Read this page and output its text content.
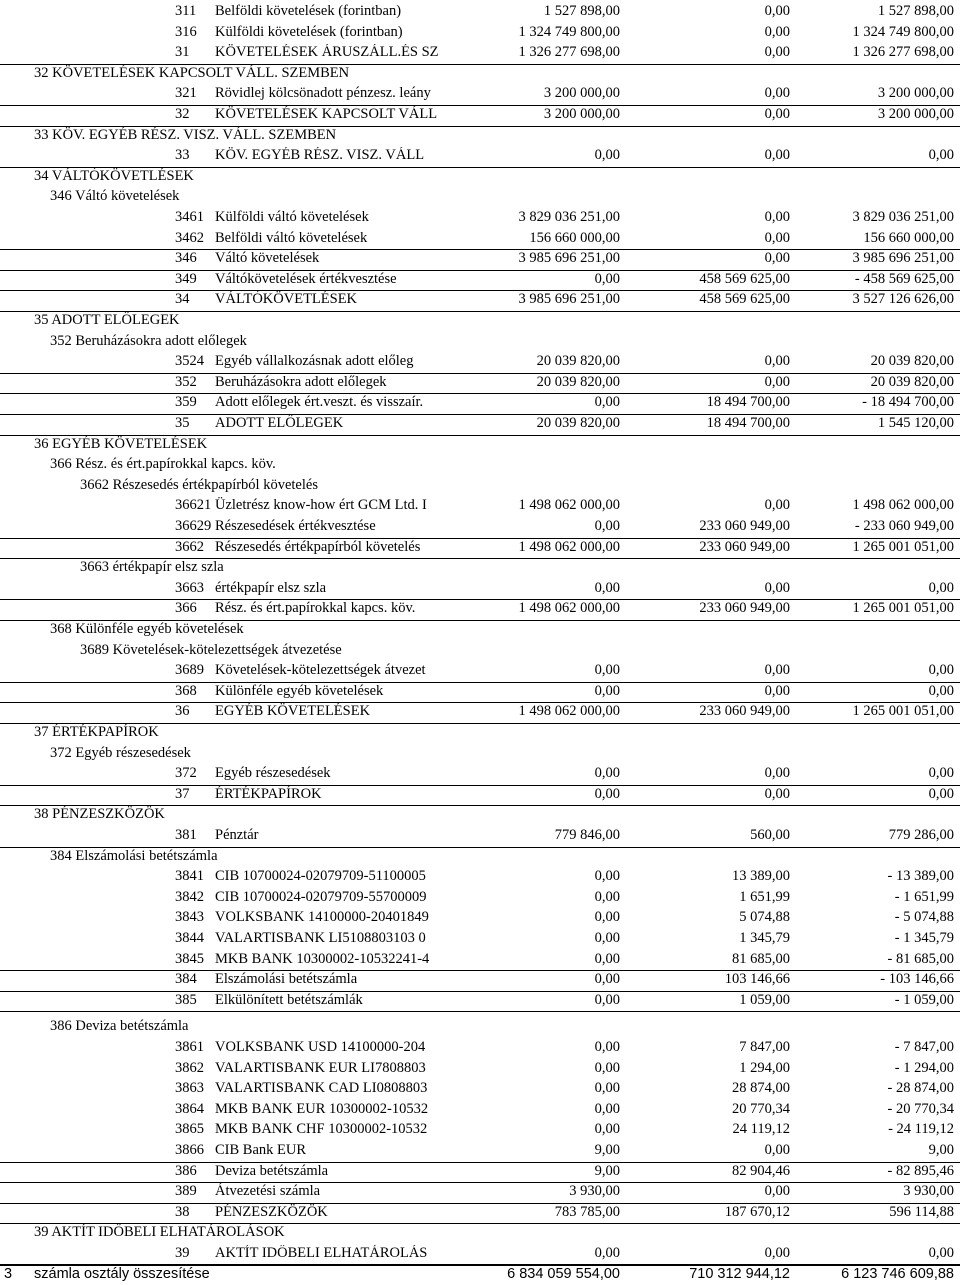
311	Belföldi követelések (forintban)	1 527 898,00	0,00	1 527 898,00
316	Külföldi követelések (forintban)	1 324 749 800,00	0,00	1 324 749 800,00
31	KÖVETELÉSEK ÁRUSZÁLL.ÉS SZ	1 326 277 698,00	0,00	1 326 277 698,00
32 KÖVETELÉSEK KAPCSOLT VÁLL. SZEMBEN
321	Rövidlej kölcsönadott pénzesz. leány	3 200 000,00	0,00	3 200 000,00
32	KÖVETELÉSEK KAPCSOLT VÁLL	3 200 000,00	0,00	3 200 000,00
33 KÖV. EGYÉB RÉSZ. VISZ. VÁLL. SZEMBEN
33	KÖV. EGYÉB RÉSZ. VISZ. VÁLL	0,00	0,00	0,00
34 VÁLTÓKÖVETLÉSEK
346 Váltó követelések
3461 Külföldi váltó követelések	3 829 036 251,00	0,00	3 829 036 251,00
3462 Belföldi váltó követelések	156 660 000,00	0,00	156 660 000,00
346	Váltó követelések	3 985 696 251,00	0,00	3 985 696 251,00
349	Váltókövetelések értékvesztése	0,00	458 569 625,00	- 458 569 625,00
34	VÁLTÓKÖVETLÉSEK	3 985 696 251,00	458 569 625,00	3 527 126 626,00
35 ADOTT ELŐLEGEK
352 Beruházásokra adott előlegek
3524 Egyéb vállalkozásnak adott előleg	20 039 820,00	0,00	20 039 820,00
352	Beruházásokra adott előlegek	20 039 820,00	0,00	20 039 820,00
359	Adott előlegek ért.veszt. és visszaír.	0,00	18 494 700,00	- 18 494 700,00
35	ADOTT ELŐLEGEK	20 039 820,00	18 494 700,00	1 545 120,00
36 EGYÉB KÖVETELÉSEK
366 Rész. és ért.papírokkal kapcs. köv.
3662 Részesedés értékpapírból követelés
36621 Üzletrész know-how ért GCM Ltd. I	1 498 062 000,00	0,00	1 498 062 000,00
36629 Részesedések értékvesztése	0,00	233 060 949,00	- 233 060 949,00
3662 Részesedés értékpapírból követelés	1 498 062 000,00	233 060 949,00	1 265 001 051,00
3663 értékpapír elsz szla
3663 értékpapír elsz szla	0,00	0,00	0,00
366	Rész. és ért.papírokkal kapcs. köv.	1 498 062 000,00	233 060 949,00	1 265 001 051,00
368 Különféle egyéb követelések
3689 Követelések-kötelezettségek átvezetése
3689 Követelések-kötelezettségek átvezet	0,00	0,00	0,00
368	Különféle egyéb követelések	0,00	0,00	0,00
36	EGYÉB KÖVETELÉSEK	1 498 062 000,00	233 060 949,00	1 265 001 051,00
37 ÉRTÉKPAPÍROK
372 Egyéb részesedések
372	Egyéb részesedések	0,00	0,00	0,00
37	ÉRTÉKPAPÍROK	0,00	0,00	0,00
38 PÉNZESZKÖZÖK
381	Pénztár	779 846,00	560,00	779 286,00
384 Elszámolási betétszámla
3841 CIB 10700024-02079709-51100005	0,00	13 389,00	- 13 389,00
3842 CIB 10700024-02079709-55700009	0,00	1 651,99	- 1 651,99
3843 VOLKSBANK 14100000-20401849	0,00	5 074,88	- 5 074,88
3844 VALARTISBANK LI5108803103 0	0,00	1 345,79	- 1 345,79
3845 MKB BANK 10300002-10532241-4	0,00	81 685,00	- 81 685,00
384	Elszámolási betétszámla	0,00	103 146,66	- 103 146,66
385	Elkülönített betétszámlák	0,00	1 059,00	- 1 059,00
386 Deviza betétszámla
3861 VOLKSBANK USD 14100000-204	0,00	7 847,00	- 7 847,00
3862 VALARTISBANK EUR LI7808803	0,00	1 294,00	- 1 294,00
3863 VALARTISBANK CAD LI0808803	0,00	28 874,00	- 28 874,00
3864 MKB BANK EUR 10300002-10532	0,00	20 770,34	- 20 770,34
3865 MKB BANK CHF 10300002-10532	0,00	24 119,12	- 24 119,12
3866 CIB Bank EUR	9,00	0,00	9,00
386	Deviza betétszámla	9,00	82 904,46	- 82 895,46
389	Átvezetési számla	3 930,00	0,00	3 930,00
38	PÉNZESZKÖZÖK	783 785,00	187 670,12	596 114,88
39 AKTÍT IDŐBELI ELHATÁROLÁSOK
39	AKTÍT IDŐBELI ELHATÁROLÁS	0,00	0,00	0,00
3 számla osztály összesítése	6 834 059 554,00	710 312 944,12	6 123 746 609,88
